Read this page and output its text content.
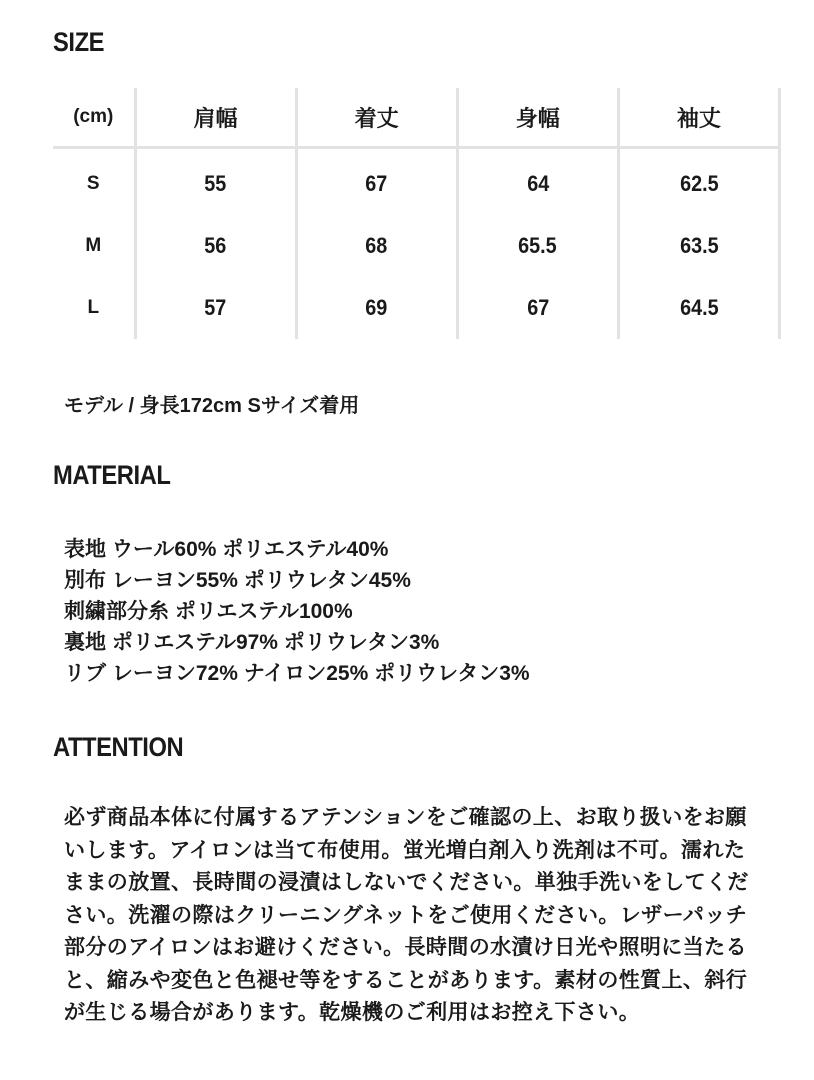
SIZE
(cm)	肩幅	着丈	身幅	袖丈
S	55	67	64	62.5
M	56	68	65.5	63.5
L	57	69	67	64.5

モデル / 身長172cm Sサイズ着用

MATERIAL
表地 ウール60% ポリエステル40%
別布 レーヨン55% ポリウレタン45%
刺繍部分糸 ポリエステル100%
裏地 ポリエステル97% ポリウレタン3%
リブ レーヨン72% ナイロン25% ポリウレタン3%
ATTENTION

必ず商品本体に付属するアテンションをご確認の上、お取り扱いをお願いします。アイロンは当て布使用。蛍光増白剤入り洗剤は不可。濡れたままの放置、長時間の浸漬はしないでください。単独手洗いをしてください。洗濯の際はクリーニングネットをご使用ください。レザーパッチ部分のアイロンはお避けください。長時間の水漬け日光や照明に当たると、縮みや変色と色褪せ等をすることがあります。素材の性質上、斜行が生じる場合があります。乾燥機のご利用はお控え下さい。
